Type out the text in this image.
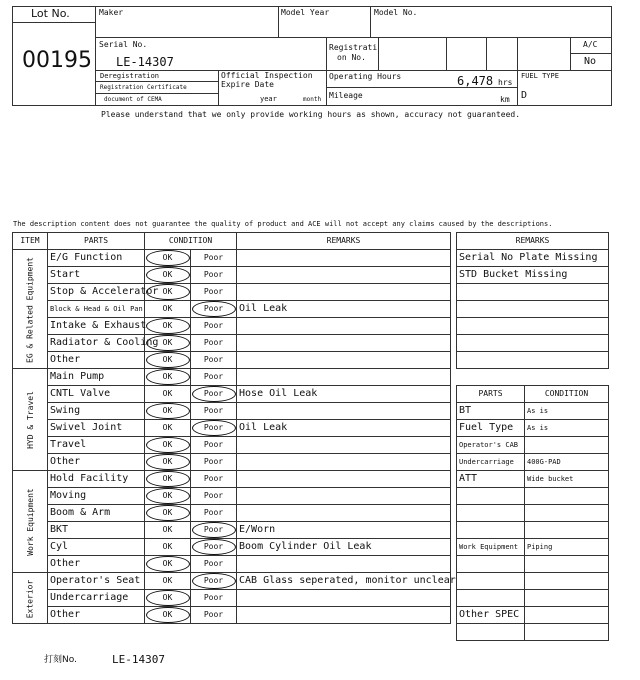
Lot No.
00195
Maker	Model Year	Model No.
Serial No.
LE-14307
Registrati
on No.
A/C
No
Deregistration
Registration Certificate
document of CEMA
Official Inspection
Expire Date
year	month
Operating Hours	6,478 hrs
Mileage	km
FUEL TYPE
D
Please understand that we only provide working hours as shown, accuracy not guaranteed.
The description content does not guarantee the quality of product and ACE will not accept any claims caused by the descriptions.
ITEM	PARTS	CONDITION		REMARKS

EG & Related Equipment	E/G Function	OK	Poor	
	Start	OK	Poor	
	Stop & Accelerator	OK	Poor	
	Block & Head & Oil Pan	OK	Poor	Oil Leak
	Intake & Exhaust	OK	Poor	
	Radiator & Cooling	OK	Poor	
	Other	OK	Poor	

HYD & Travel	Main Pump	OK	Poor	
	CNTL Valve	OK	Poor	Hose Oil Leak
	Swing	OK	Poor	
	Swivel Joint	OK	Poor	Oil Leak
	Travel	OK	Poor	
	Other	OK	Poor	

Work Equipment	Hold Facility	OK	Poor	
	Moving	OK	Poor	
	Boom & Arm	OK	Poor	
	BKT	OK	Poor	E/Worn
	Cyl	OK	Poor	Boom Cylinder Oil Leak
	Other	OK	Poor	

Exterior	Operator's Seat	OK	Poor	CAB Glass seperated, monitor unclear
	Undercarriage	OK	Poor	
	Other	OK	Poor	
REMARKS
Serial No Plate Missing
STD Bucket Missing

PARTS	CONDITION
BT	As is
Fuel Type	As is
Operator's CAB	
Undercarriage	400G-PAD
ATT	Wide bucket

Work Equipment	Piping

Other SPEC	

打刻No.	LE-14307
